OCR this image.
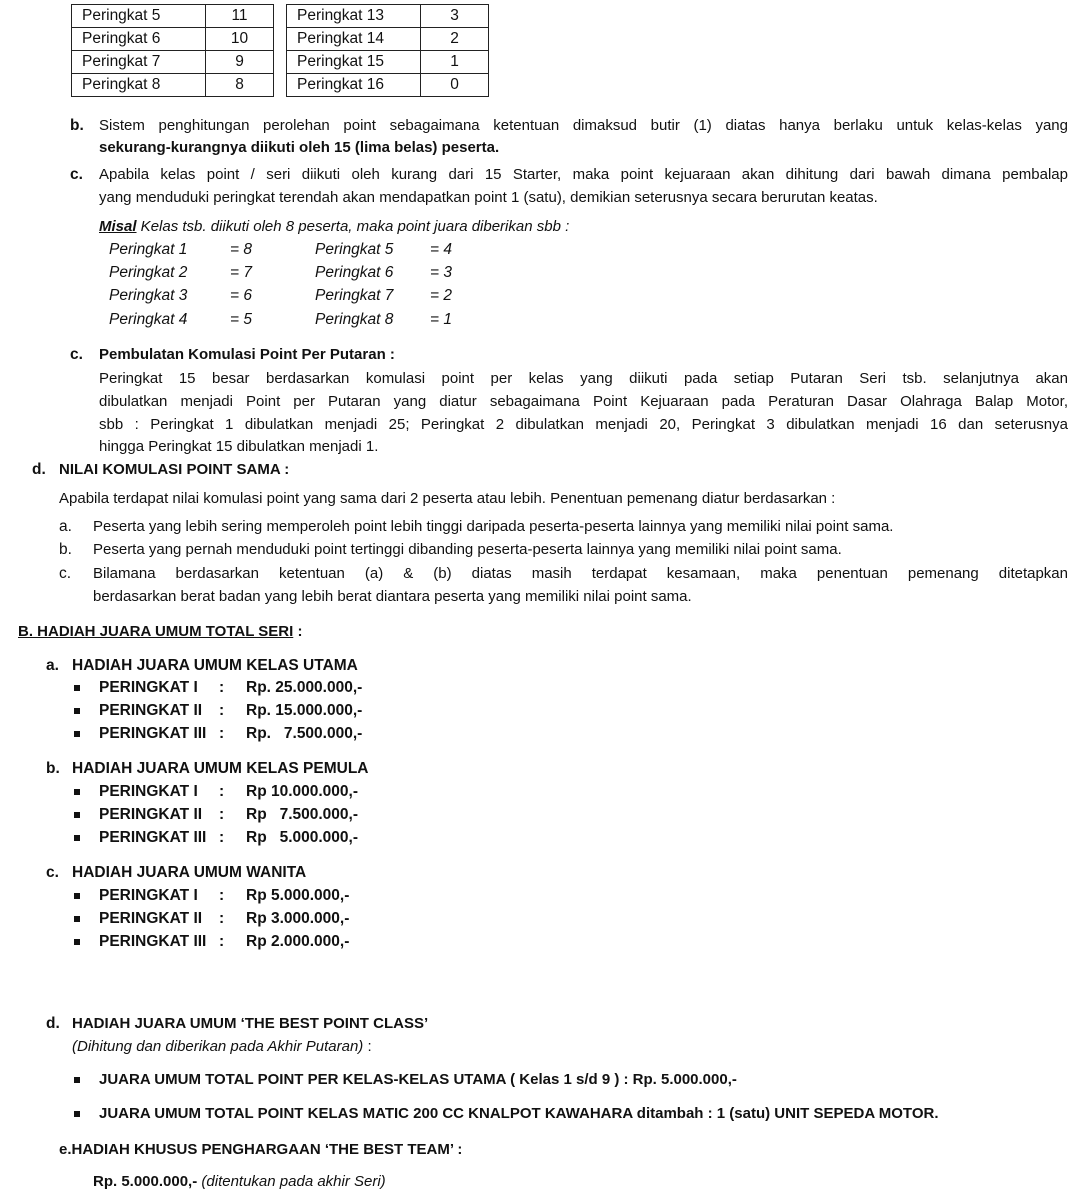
Peringkat 5	11
Peringkat 6	10
Peringkat 7	9
Peringkat 8	8
Peringkat 13	3
Peringkat 14	2
Peringkat 15	1
Peringkat 16	0
b. Sistem penghitungan perolehan point sebagaimana ketentuan dimaksud butir (1) diatas hanya berlaku untuk kelas-kelas yang
sekurang-kurangnya diikuti oleh 15 (lima belas) peserta.
c. Apabila kelas point / seri diikuti oleh kurang dari 15 Starter, maka point kejuaraan akan dihitung dari bawah dimana pembalap
yang menduduki peringkat terendah akan mendapatkan point 1 (satu), demikian seterusnya secara berurutan keatas.
Misal Kelas tsb. diikuti oleh 8 peserta, maka point juara diberikan sbb :
Peringkat 1	= 8
Peringkat 2	= 7
Peringkat 3	= 6
Peringkat 4	= 5
Peringkat 5 = 4
Peringkat 6 = 3
Peringkat 7 = 2
Peringkat 8 = 1
c. Pembulatan Komulasi Point Per Putaran :
Peringkat 15 besar berdasarkan komulasi point per kelas yang diikuti pada setiap Putaran Seri tsb. selanjutnya akan
dibulatkan menjadi Point per Putaran yang diatur sebagaimana Point Kejuaraan pada Peraturan Dasar Olahraga Balap Motor,
sbb : Peringkat 1 dibulatkan menjadi 25; Peringkat 2 dibulatkan menjadi 20, Peringkat 3 dibulatkan menjadi 16 dan seterusnya
hingga Peringkat 15 dibulatkan menjadi 1.
d. NILAI KOMULASI POINT SAMA :
Apabila terdapat nilai komulasi point yang sama dari 2 peserta atau lebih. Penentuan pemenang diatur berdasarkan :
a. Peserta yang lebih sering memperoleh point lebih tinggi daripada peserta-peserta lainnya yang memiliki nilai point sama.
b. Peserta yang pernah menduduki point tertinggi dibanding peserta-peserta lainnya yang memiliki nilai point sama.
c. Bilamana berdasarkan ketentuan (a) & (b) diatas masih terdapat kesamaan, maka penentuan pemenang ditetapkan
berdasarkan berat badan yang lebih berat diantara peserta yang memiliki nilai point sama.
B. HADIAH JUARA UMUM TOTAL SERI :
a. HADIAH JUARA UMUM KELAS UTAMA
PERINGKAT I : Rp. 25.000.000,-
PERINGKAT II : Rp. 15.000.000,-
PERINGKAT III : Rp.   7.500.000,-
b. HADIAH JUARA UMUM KELAS PEMULA
PERINGKAT I : Rp 10.000.000,-
PERINGKAT II : Rp   7.500.000,-
PERINGKAT III : Rp   5.000.000,-
c. HADIAH JUARA UMUM WANITA
PERINGKAT I : Rp 5.000.000,-
PERINGKAT II : Rp 3.000.000,-
PERINGKAT III : Rp 2.000.000,-
d. HADIAH JUARA UMUM ‘THE BEST POINT CLASS’
(Dihitung dan diberikan pada Akhir Putaran) :
JUARA UMUM TOTAL POINT PER KELAS-KELAS UTAMA ( Kelas 1 s/d 9 ) : Rp. 5.000.000,-
JUARA UMUM TOTAL POINT KELAS MATIC 200 CC KNALPOT KAWAHARA ditambah : 1 (satu) UNIT SEPEDA MOTOR.
e.HADIAH KHUSUS PENGHARGAAN ‘THE BEST TEAM’ :
Rp. 5.000.000,- (ditentukan pada akhir Seri)
